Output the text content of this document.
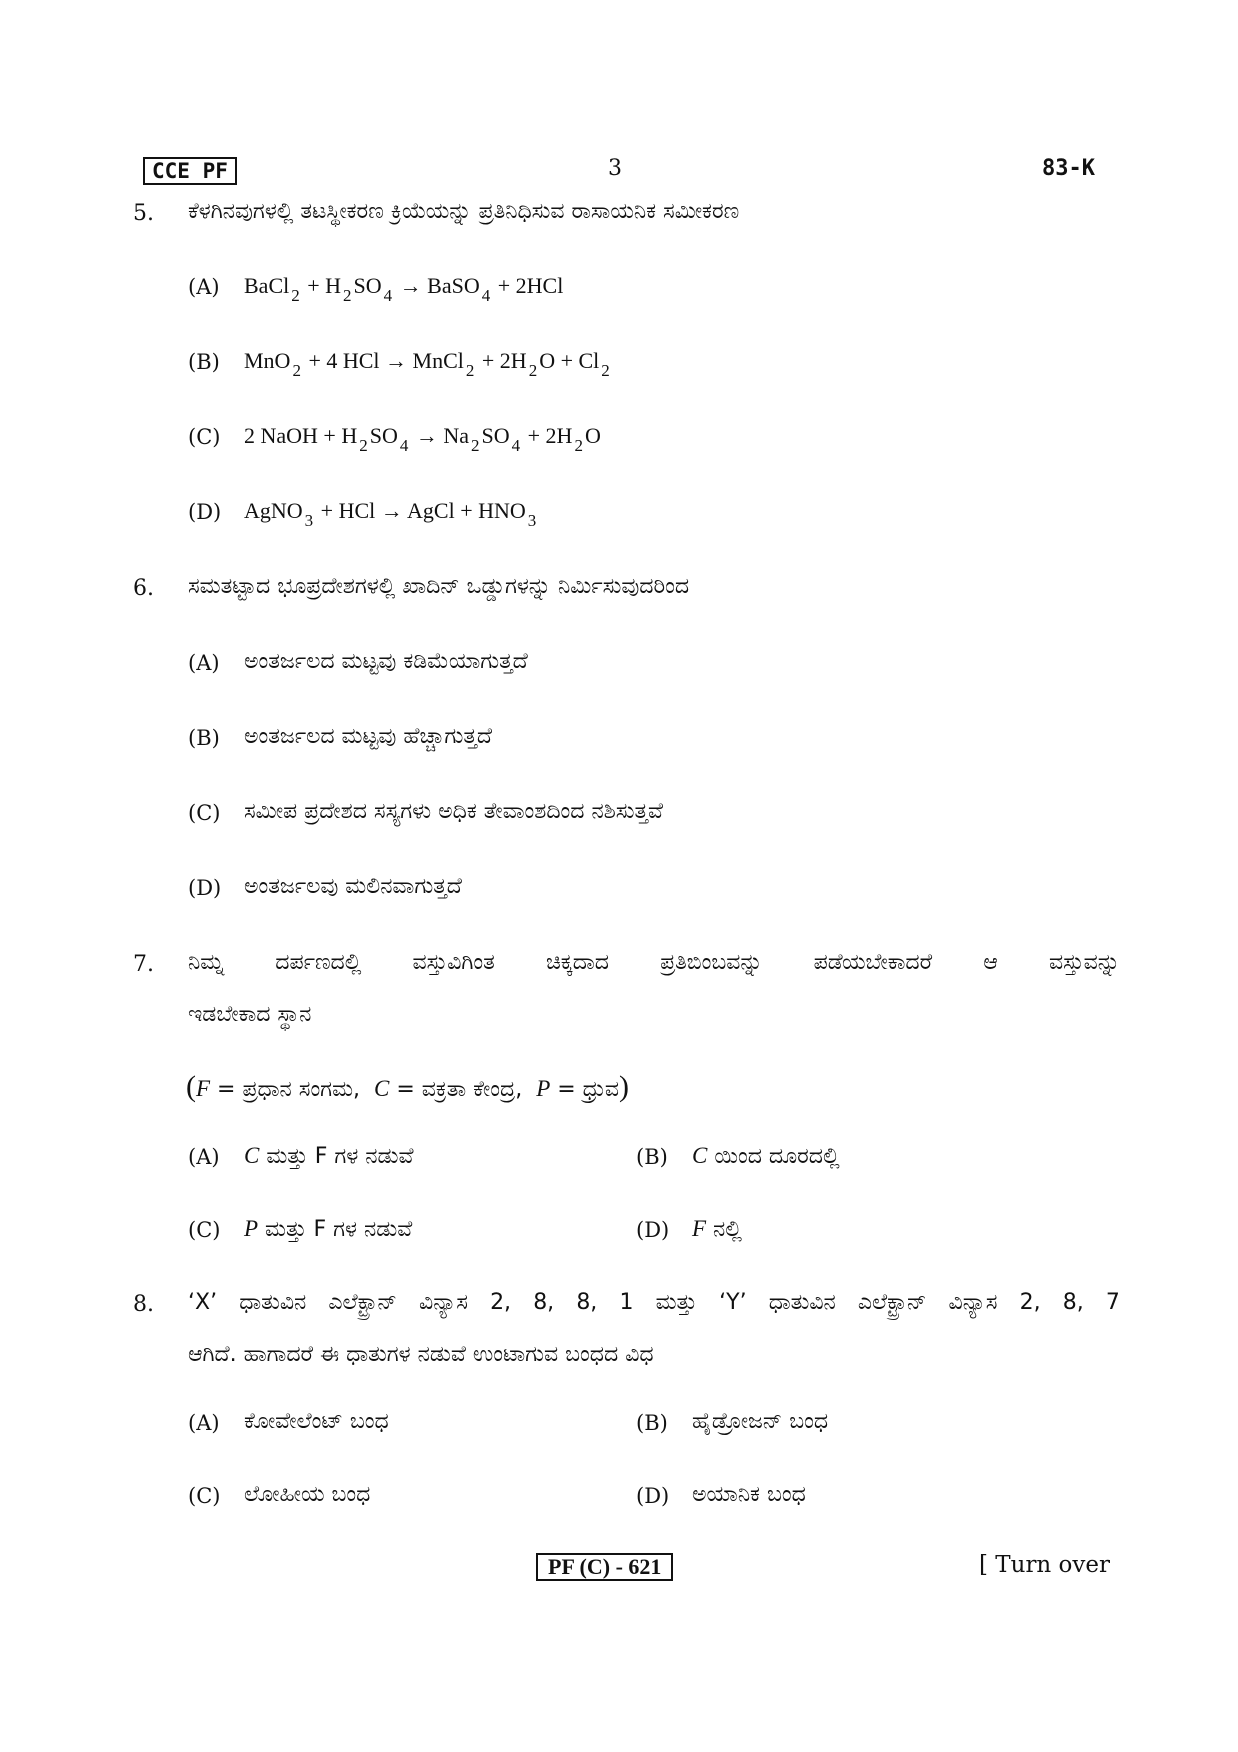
CCE PF	3	83-K
5. ಕೆಳಗಿನವುಗಳಲ್ಲಿ ತಟಸ್ಥೀಕರಣ ಕ್ರಿಯೆಯನ್ನು ಪ್ರತಿನಿಧಿಸುವ ರಾಸಾಯನಿಕ ಸಮೀಕರಣ
(A) BaCl $_2$ + H $_2$SO $_4$ → BaSO $_4$ + 2HCl
(B) MnO $_2$ + 4 HCl → MnCl $_2$ + 2H $_2$O + Cl $_2$
(C) 2 NaOH + H $_2$SO $_4$ → Na $_2$SO $_4$ + 2H $_2$O
(D) AgNO $_3$ + HCl → AgCl + HNO $_3$
6. ಸಮತಟ್ಟಾದ ಭೂಪ್ರದೇಶಗಳಲ್ಲಿ ಖಾದಿನ್ ಒಡ್ಡುಗಳನ್ನು ನಿರ್ಮಿಸುವುದರಿಂದ
(A) ಅಂತರ್ಜಲದ ಮಟ್ಟವು ಕಡಿಮೆಯಾಗುತ್ತದೆ
(B) ಅಂತರ್ಜಲದ ಮಟ್ಟವು ಹೆಚ್ಚಾಗುತ್ತದೆ
(C) ಸಮೀಪ ಪ್ರದೇಶದ ಸಸ್ಯಗಳು ಅಧಿಕ ತೇವಾಂಶದಿಂದ ನಶಿಸುತ್ತವೆ
(D) ಅಂತರ್ಜಲವು ಮಲಿನವಾಗುತ್ತದೆ
7. ನಿಮ್ನ ದರ್ಪಣದಲ್ಲಿ ವಸ್ತುವಿಗಿಂತ ಚಿಕ್ಕದಾದ ಪ್ರತಿಬಿಂಬವನ್ನು ಪಡೆಯಬೇಕಾದರೆ ಆ ವಸ್ತುವನ್ನು
ಇಡಬೇಕಾದ ಸ್ಥಾನ
(F = ಪ್ರಧಾನ ಸಂಗಮ, C = ವಕ್ರತಾ ಕೇಂದ್ರ, P = ಧ್ರುವ)
(A) C ಮತ್ತು F ಗಳ ನಡುವೆ	(B) C ಯಿಂದ ದೂರದಲ್ಲಿ
(C) P ಮತ್ತು F ಗಳ ನಡುವೆ	(D) F ನಲ್ಲಿ
8. ‘X’ ಧಾತುವಿನ ಎಲೆಕ್ಟ್ರಾನ್ ವಿನ್ಯಾಸ 2, 8, 8, 1 ಮತ್ತು ‘Y’ ಧಾತುವಿನ ಎಲೆಕ್ಟ್ರಾನ್ ವಿನ್ಯಾಸ 2, 8, 7
ಆಗಿದೆ. ಹಾಗಾದರೆ ಈ ಧಾತುಗಳ ನಡುವೆ ಉಂಟಾಗುವ ಬಂಧದ ವಿಧ
(A) ಕೋವೇಲೆಂಟ್ ಬಂಧ	(B) ಹೈಡ್ರೋಜನ್ ಬಂಧ
(C) ಲೋಹೀಯ ಬಂಧ	(D) ಅಯಾನಿಕ ಬಂಧ
PF (C) - 621	[ Turn over
